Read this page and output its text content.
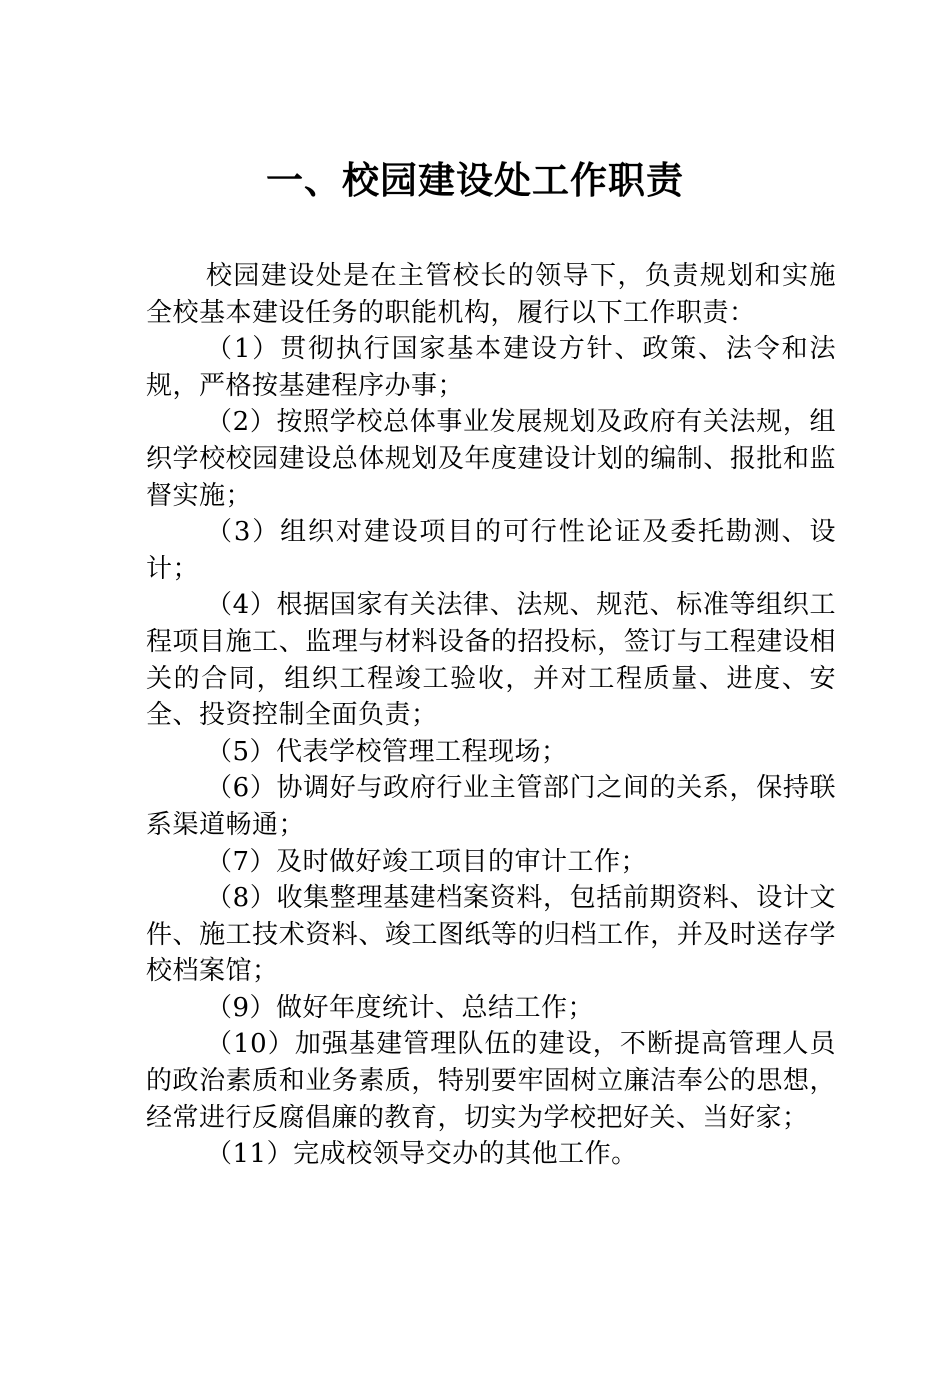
一、校园建设处工作职责

校园建设处是在主管校长的领导下，负责规划和实施全校基本建设任务的职能机构，履行以下工作职责：

（1）贯彻执行国家基本建设方针、政策、法令和法规，严格按基建程序办事；

（2）按照学校总体事业发展规划及政府有关法规，组织学校校园建设总体规划及年度建设计划的编制、报批和监督实施；

（3）组织对建设项目的可行性论证及委托勘测、设计；

（4）根据国家有关法律、法规、规范、标准等组织工程项目施工、监理与材料设备的招投标，签订与工程建设相关的合同，组织工程竣工验收，并对工程质量、进度、安全、投资控制全面负责；

（5）代表学校管理工程现场；

（6）协调好与政府行业主管部门之间的关系，保持联系渠道畅通；

（7）及时做好竣工项目的审计工作；

（8）收集整理基建档案资料，包括前期资料、设计文件、施工技术资料、竣工图纸等的归档工作，并及时送存学校档案馆；

（9）做好年度统计、总结工作；

（10）加强基建管理队伍的建设，不断提高管理人员的政治素质和业务素质，特别要牢固树立廉洁奉公的思想，经常进行反腐倡廉的教育，切实为学校把好关、当好家；

（11）完成校领导交办的其他工作。
